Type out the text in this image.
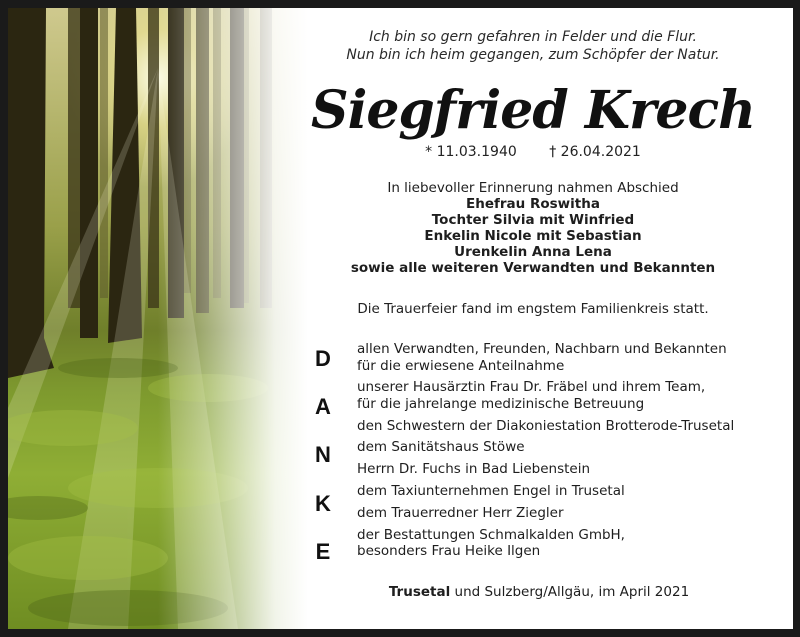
Ich bin so gern gefahren in Felder und die Flur.
Nun bin ich heim gegangen, zum Schöpfer der Natur.
Siegfried Krech
* 11.03.1940 † 26.04.2021
In liebevoller Erinnerung nahmen Abschied
Ehefrau Roswitha
Tochter Silvia mit Winfried
Enkelin Nicole mit Sebastian
Urenkelin Anna Lena
sowie alle weiteren Verwandten und Bekannten
Die Trauerfeier fand im engstem Familienkreis statt.
D
A
N
K
E
allen Verwandten, Freunden, Nachbarn und Bekannten
für die erwiesene Anteilnahme
unserer Hausärztin Frau Dr. Fräbel und ihrem Team,
für die jahrelange medizinische Betreuung
den Schwestern der Diakoniestation Brotterode-Trusetal
dem Sanitätshaus Stöwe
Herrn Dr. Fuchs in Bad Liebenstein
dem Taxiunternehmen Engel in Trusetal
dem Trauerredner Herr Ziegler
der Bestattungen Schmalkalden GmbH,
besonders Frau Heike Ilgen
Trusetal und Sulzberg/Allgäu, im April 2021
